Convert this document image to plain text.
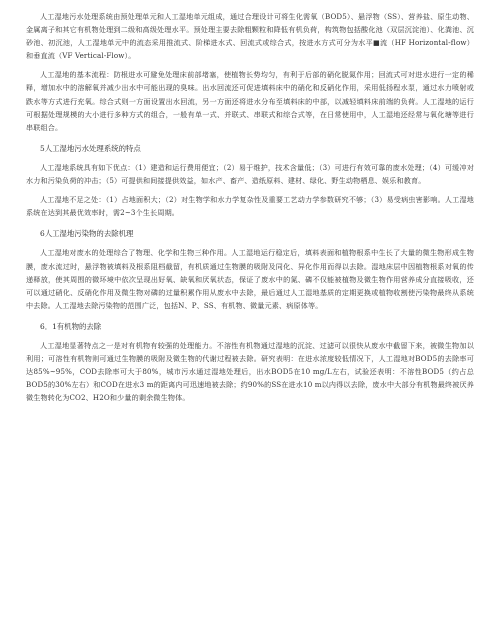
人工湿地污水处理系统由预处理单元和人工湿地单元组成，通过合理设计可将生化需氧（BOD5）、悬浮物（SS）、营养盐、原生动物、金属离子和其它有机物处理到二级和高级处理水平。预处理主要去除粗颗粒和降低有机负荷，构筑物包括酸化池（双层沉淀池）、化粪池、沉砂池、初沉池，人工湿地单元中的流态采用推流式、阶梯进水式、回流式或综合式，按进水方式可分为水平■流（HF Horizontal-flow）和垂直流（VF Vertical-Flow）。

人工湿地的基本流程：防根进水可避免处理床前部堵塞，使植物长势均匀，有利于后部的硝化脱氮作用；回流式可对进水进行一定的稀释，增加水中的溶解氧并减少出水中可能出现的臭味。出水回流还可促进填料床中的硝化和反硝化作用，采用低扬程水泵，通过水力喷射或跌水等方式进行充氧。综合式则一方面设置出水回流，另一方面还将进水分布至填料床的中部，以减轻填料床前端的负荷。人工湿地的运行可根据处理规模的大小进行多种方式的组合，一般有单一式、并联式、串联式和综合式等，在日常使用中，人工湿地还经常与氧化塘等进行串联组合。

5人工湿地污水处理系统的特点

人工湿地系统具有如下优点：（1）建造和运行费用便宜；（2）易于维护，技术含量低；（3）可进行有效可靠的废水处理；（4）可缓冲对水力和污染负荷的冲击；（5）可提供和间接提供效益，如水产、畜产、造纸原料、建材、绿化、野生动物栖息、娱乐和教育。

人工湿地不足之处：（1）占地面积大；（2）对生物学和水力学复杂性及重要工艺动力学参数研究不够；（3）易受病虫害影响。人工湿地系统在达到其最优效率时，需2~3个生长周期。

6人工湿地污染物的去除机理

人工湿地对废水的处理综合了物理、化学和生物三种作用。人工湿地运行稳定后，填料表面和植物根系中生长了大量的微生物形成生物膜，废水流过时，悬浮物被填料及根系阻档截留，有机质通过生物膜的吸附及同化、异化作用而得以去除。湿地床层中因植物根系对氧的传递释放，使其周围的微环境中依次呈现出好氧、缺氧和厌氧状态，保证了废水中的氮、磷不仅能被植物及微生物作用营养成分直接吸收，还可以通过硝化、反硝化作用及微生物对磷的过量积累作用从废水中去除，最后通过人工湿地基质的定期更换或植物收割使污染物最终从系统中去除。人工湿地去除污染物的范围广泛，包括N、P、SS、有机物、微量元素、病原体等。

6．1有机物的去除

人工湿地显著特点之一是对有机物有较强的处理能力。不溶性有机物通过湿地的沉淀、过滤可以很快从废水中截留下来，被微生物加以利用；可溶性有机物则可通过生物膜的吸附及微生物的代谢过程被去除。研究表明：在进水浓度较低情况下，人工湿地对BOD5的去除率可达85%~95%，COD去除率可大于80%，城市污水通过湿地处理后，出水BOD5在10 mg/L左右，试验还表明：不溶性BOD5（约占总BOD5的30%左右）和COD在进水3 m的距离内可迅速地被去除；约90%的SS在进水10 m以内得以去除，废水中大部分有机物最终被厌养微生物转化为CO2、H2O和少量的剩余微生物体。
